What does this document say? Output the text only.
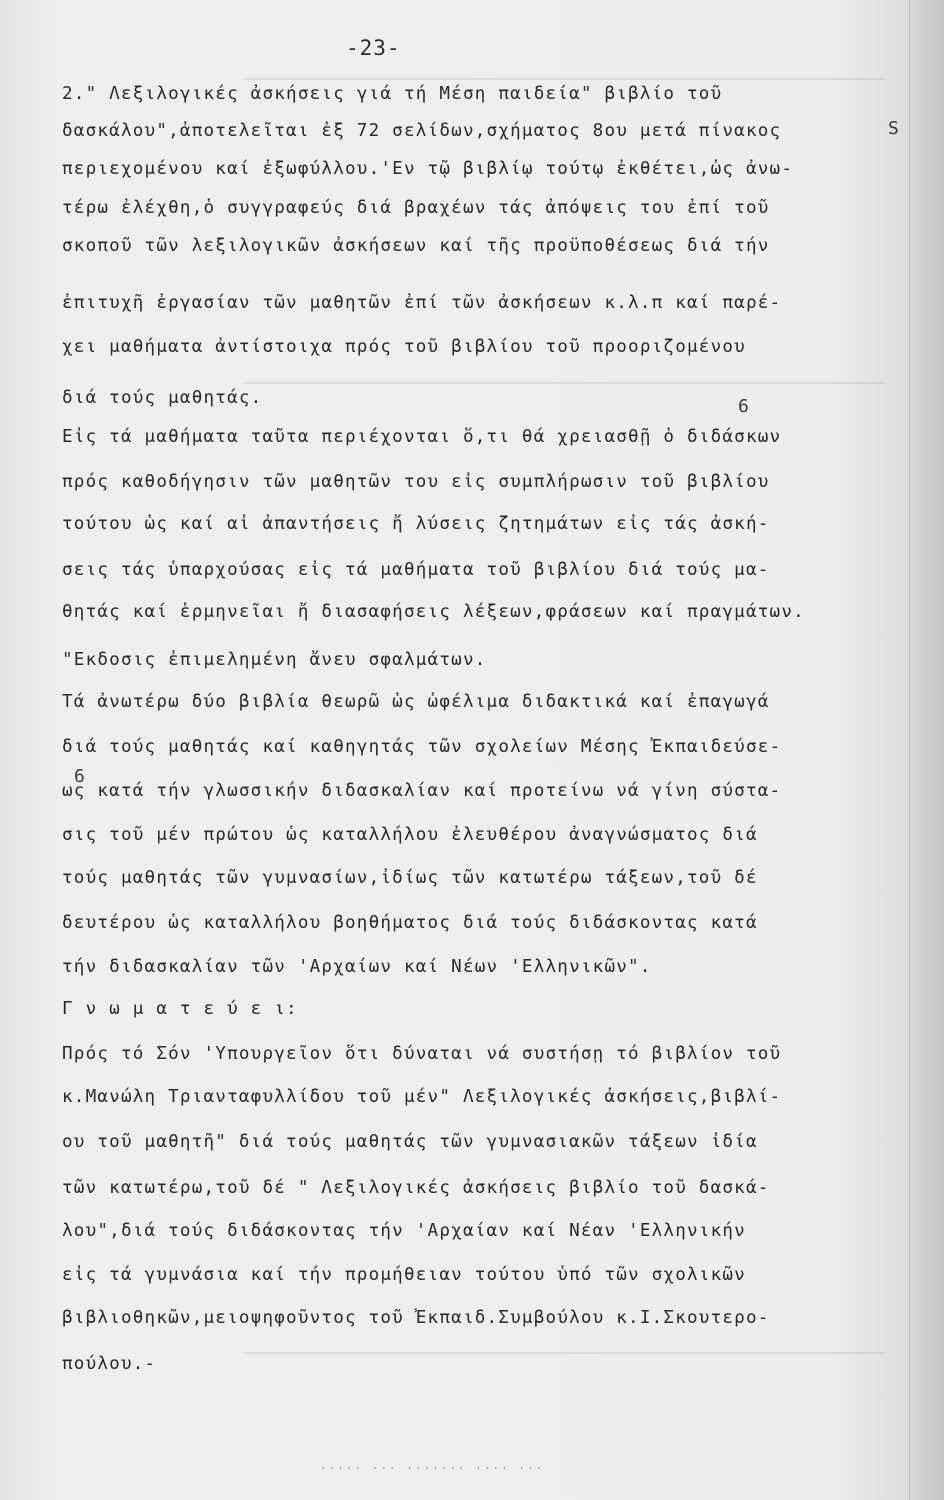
-23-
2." Λεξιλογικές ἀσκήσεις γιά τή Μέση παιδεία" βιβλίο τοῦ
δασκάλου",ἀποτελεῖται ἐξ 72 σελίδων,σχήματος 8ου μετά πίνακος
περιεχομένου καί ἐξωφύλλου.'Εν τῷ βιβλίῳ τούτῳ ἐκθέτει,ὡς ἀνω-
τέρω ἐλέχθη,ὁ συγγραφεύς διά βραχέων τάς ἀπόψεις του ἐπί τοῦ
σκοποῦ τῶν λεξιλογικῶν ἀσκήσεων καί τῆς προϋποθέσεως διά τήν
ἐπιτυχῆ ἐργασίαν τῶν μαθητῶν ἐπί τῶν ἀσκήσεων κ.λ.π καί παρέ-
χει μαθήματα ἀντίστοιχα πρός τοῦ βιβλίου τοῦ προοριζομένου
διά τούς μαθητάς.
Εἰς τά μαθήματα ταῦτα περιέχονται ὅ,τι θά χρειασθῇ ὁ διδάσκων
πρός καθοδήγησιν τῶν μαθητῶν του εἰς συμπλήρωσιν τοῦ βιβλίου
τούτου ὡς καί αἱ ἀπαντήσεις ἤ λύσεις ζητημάτων εἰς τάς ἀσκή-
σεις τάς ὑπαρχούσας εἰς τά μαθήματα τοῦ βιβλίου διά τούς μα-
θητάς καί ἑρμηνεῖαι ἤ διασαφήσεις λέξεων,φράσεων καί πραγμάτων.
"Εκδοσις ἐπιμελημένη ἄνευ σφαλμάτων.
Τά ἀνωτέρω δύο βιβλία θεωρῶ ὡς ὠφέλιμα διδακτικά καί ἐπαγωγά
διά τούς μαθητάς καί καθηγητάς τῶν σχολείων Μέσης Ἐκπαιδεύσε-
ως κατά τήν γλωσσικήν διδασκαλίαν καί προτείνω νά γίνη σύστα-
σις τοῦ μέν πρώτου ὡς καταλλήλου ἐλευθέρου ἀναγνώσματος διά
τούς μαθητάς τῶν γυμνασίων,ἰδίως τῶν κατωτέρω τάξεων,τοῦ δέ
δευτέρου ὡς καταλλήλου βοηθήματος διά τούς διδάσκοντας κατά
τήν διδασκαλίαν τῶν 'Αρχαίων καί Νέων 'Ελληνικῶν".
Γ ν ω μ α τ ε ύ ε ι:
Πρός τό Σόν 'Υπουργεῖον ὅτι δύναται νά συστήσῃ τό βιβλίον τοῦ
κ.Μανώλη Τριανταφυλλίδου τοῦ μέν" Λεξιλογικές ἀσκήσεις,βιβλί-
ου τοῦ μαθητῆ" διά τούς μαθητάς τῶν γυμνασιακῶν τάξεων ἰδία
τῶν κατωτέρω,τοῦ δέ " Λεξιλογικές ἀσκήσεις βιβλίο τοῦ δασκά-
λου",διά τούς διδάσκοντας τήν 'Αρχαίαν καί Νέαν 'Ελληνικήν
εἰς τά γυμνάσια καί τήν προμήθειαν τούτου ὑπό τῶν σχολικῶν
βιβλιοθηκῶν,μειοψηφοῦντος τοῦ Ἐκπαιδ.Συμβούλου κ.Ι.Σκουτερο-
πούλου.-
S
6
6
····· ··· ······· ···· ···
